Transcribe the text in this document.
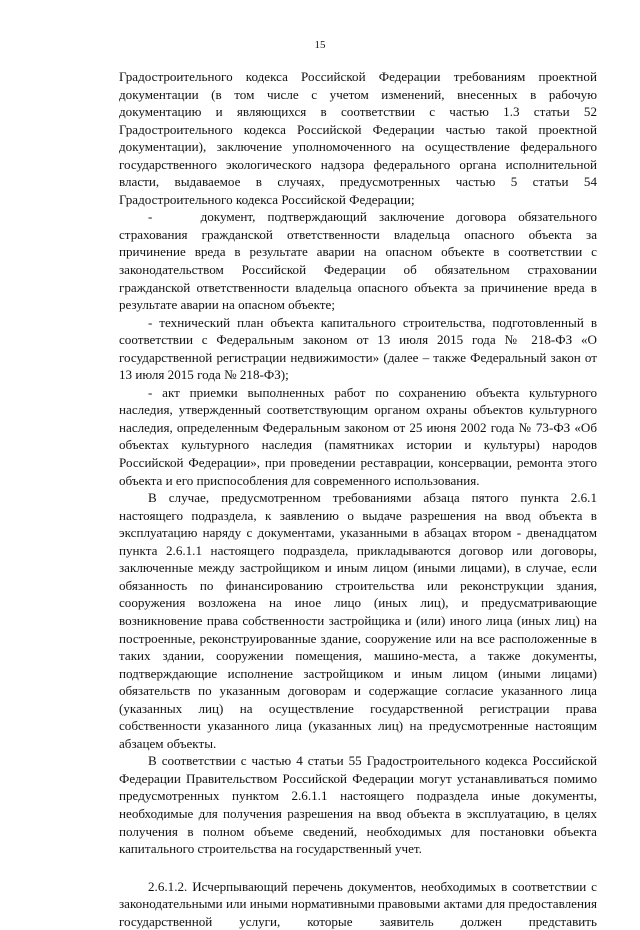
15

Градостроительного кодекса Российской Федерации требованиям проектной документации (в том числе с учетом изменений, внесенных в рабочую документацию и являющихся в соответствии с частью 1.3 статьи 52 Градостроительного кодекса Российской Федерации частью такой проектной документации), заключение уполномоченного на осуществление федерального государственного экологического надзора федерального органа исполнительной власти, выдаваемое в случаях, предусмотренных частью 5 статьи 54 Градостроительного кодекса Российской Федерации;

-    документ, подтверждающий заключение договора обязательного страхования гражданской ответственности владельца опасного объекта за причинение вреда в результате аварии на опасном объекте в соответствии с законодательством Российской Федерации об обязательном страховании гражданской ответственности владельца опасного объекта за причинение вреда в результате аварии на опасном объекте;

- технический план объекта капитального строительства, подготовленный в соответствии с Федеральным законом от 13 июля 2015 года № 218-ФЗ «О государственной регистрации недвижимости» (далее – также Федеральный закон от 13 июля 2015 года № 218-ФЗ);

- акт приемки выполненных работ по сохранению объекта культурного наследия, утвержденный соответствующим органом охраны объектов культурного наследия, определенным Федеральным законом от 25 июня 2002 года № 73-ФЗ «Об объектах культурного наследия (памятниках истории и культуры) народов Российской Федерации», при проведении реставрации, консервации, ремонта этого объекта и его приспособления для современного использования.

В случае, предусмотренном требованиями абзаца пятого пункта 2.6.1 настоящего подраздела, к заявлению о выдаче разрешения на ввод объекта в эксплуатацию наряду с документами, указанными в абзацах втором - двенадцатом пункта 2.6.1.1 настоящего подраздела, прикладываются договор или договоры, заключенные между застройщиком и иным лицом (иными лицами), в случае, если обязанность по финансированию строительства или реконструкции здания, сооружения возложена на иное лицо (иных лиц), и предусматривающие возникновение права собственности застройщика и (или) иного лица (иных лиц) на построенные, реконструированные здание, сооружение или на все расположенные в таких здании, сооружении помещения, машино-места, а также документы, подтверждающие исполнение застройщиком и иным лицом (иными лицами) обязательств по указанным договорам и содержащие согласие указанного лица (указанных лиц) на осуществление государственной регистрации права собственности указанного лица (указанных лиц) на предусмотренные настоящим абзацем объекты.

В соответствии с частью 4 статьи 55 Градостроительного кодекса Российской Федерации Правительством Российской Федерации могут устанавливаться помимо предусмотренных пунктом 2.6.1.1 настоящего подраздела иные документы, необходимые для получения разрешения на ввод объекта в эксплуатацию, в целях получения в полном объеме сведений, необходимых для постановки объекта капитального строительства на государственный учет.

2.6.1.2. Исчерпывающий перечень документов, необходимых в соответствии с законодательными или иными нормативными правовыми актами для предоставления государственной услуги, которые заявитель должен представить
